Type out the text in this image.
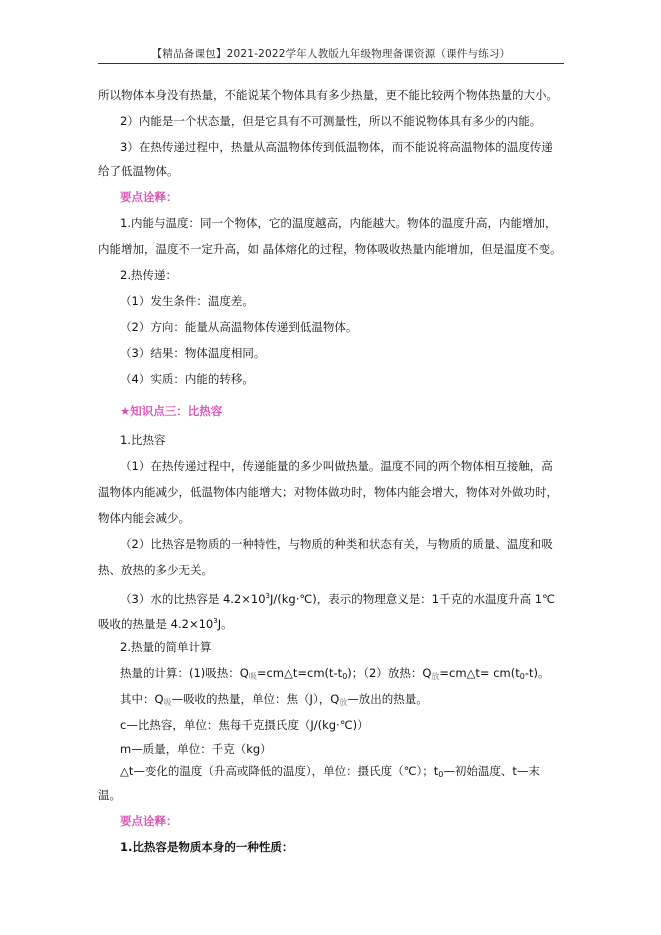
【精品备课包】2021-2022学年人教版九年级物理备课资源（课件与练习）
所以物体本身没有热量，不能说某个物体具有多少热量，更不能比较两个物体热量的大小。
2）内能是一个状态量，但是它具有不可测量性，所以不能说物体具有多少的内能。
3）在热传递过程中，热量从高温物体传到低温物体，而不能说将高温物体的温度传递
给了低温物体。
要点诠释：
1.内能与温度：同一个物体，它的温度越高，内能越大。物体的温度升高，内能增加，
内能增加，温度不一定升高，如 晶体熔化的过程，物体吸收热量内能增加，但是温度不变。
2.热传递：
（1）发生条件：温度差。
（2）方向：能量从高温物体传递到低温物体。
（3）结果：物体温度相同。
（4）实质：内能的转移。
★知识点三：比热容
1.比热容
（1）在热传递过程中，传递能量的多少叫做热量。温度不同的两个物体相互接触，高
温物体内能减少，低温物体内能增大；对物体做功时，物体内能会增大，物体对外做功时，
物体内能会减少。
（2）比热容是物质的一种特性，与物质的种类和状态有关，与物质的质量、温度和吸
热、放热的多少无关。
（3）水的比热容是 $4.2\times 10^3J/(kg\cdot℃)$，表示的物理意义是：1千克的水温度升高 1℃
吸收的热量是 $4.2\times 10^3J$。
2.热量的简单计算
热量的计算：(1)吸热：$Q_吸=cm\triangle t=cm(t-t_0)$；（2）放热：$Q_放=cm\triangle t= cm(t_0-t)$。
其中：$Q_吸—$吸收的热量，单位：焦（J），$Q_放—$放出的热量。
c—比热容，单位：焦每千克摄氏度（J/(kg·℃)）
m—质量，单位：千克（kg）
△t—变化的温度（升高或降低的温度），单位：摄氏度（℃）；$t_0—$初始温度、t—末
温。
要点诠释：
1.比热容是物质本身的一种性质：
